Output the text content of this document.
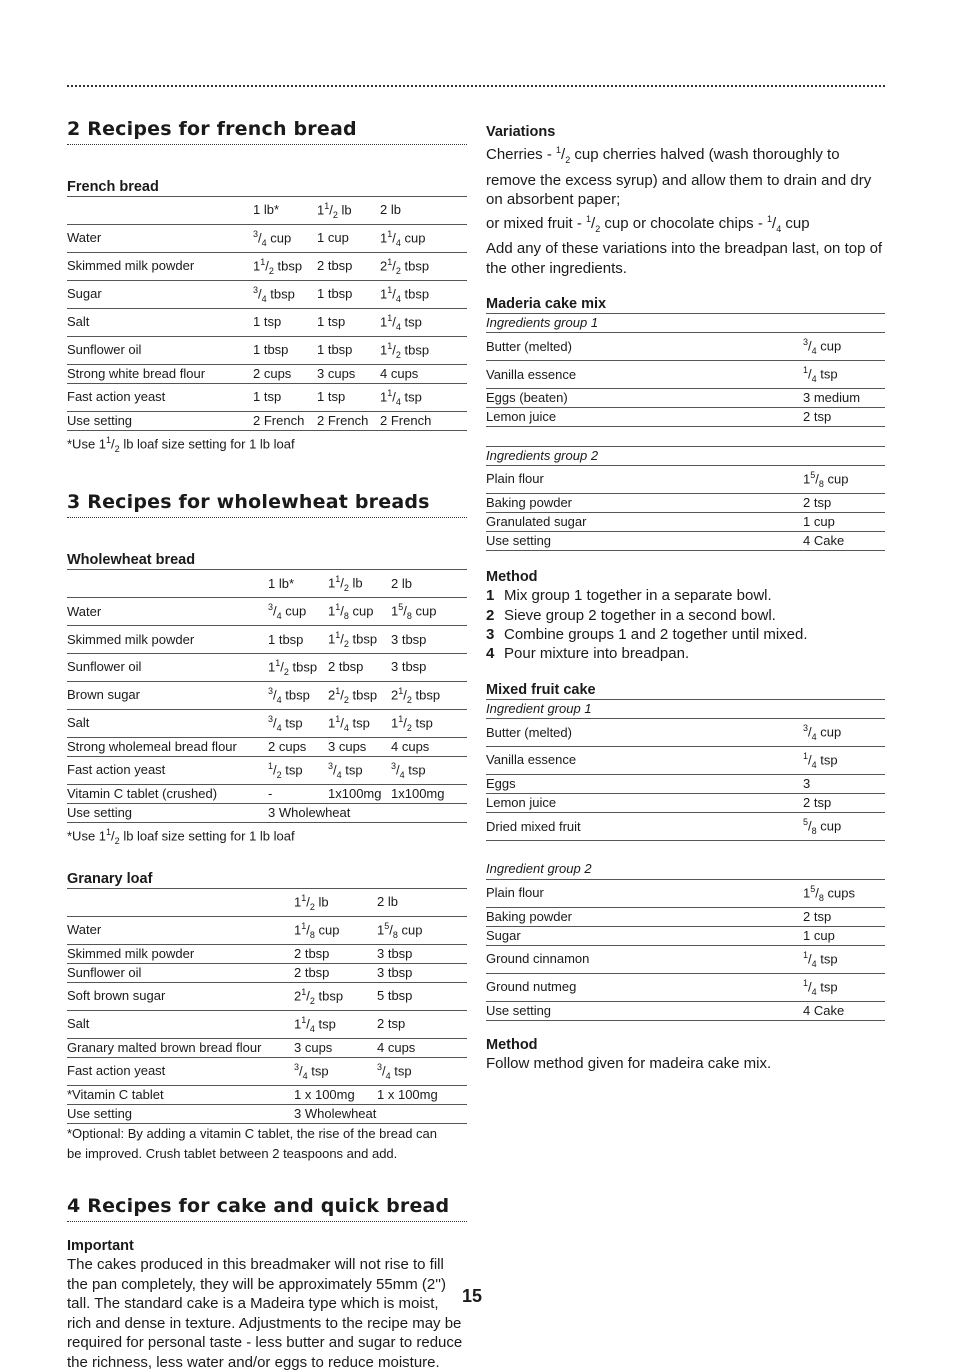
2 Recipes for french bread
French bread
	1 lb*	$1^1/_2$ lb	2 lb
Water	$^3/_4$ cup	1 cup	$1^1/_4$ cup
Skimmed milk powder	$1^1/_2$ tbsp	2 tbsp	$2^1/_2$ tbsp
Sugar	$^3/_4$ tbsp	1 tbsp	$1^1/_4$ tbsp
Salt	1 tsp	1 tsp	$1^1/_4$ tsp
Sunflower oil	1 tbsp	1 tbsp	$1^1/_2$ tbsp
Strong white bread flour	2 cups	3 cups	4 cups
Fast action yeast	1 tsp	1 tsp	$1^1/_4$ tsp
Use setting	2 French	2 French	2 French
*Use $1^1/_2$ lb loaf size setting for 1 lb loaf
3 Recipes for wholewheat breads
Wholewheat bread
	1 lb*	$1^1/_2$ lb	2 lb
Water	$^3/_4$ cup	$1^1/_8$ cup	$1^5/_8$ cup
Skimmed milk powder	1 tbsp	$1^1/_2$ tbsp	3 tbsp
Sunflower oil	$1^1/_2$ tbsp	2 tbsp	3 tbsp
Brown sugar	$^3/_4$ tbsp	$2^1/_2$ tbsp	$2^1/_2$ tbsp
Salt	$^3/_4$ tsp	$1^1/_4$ tsp	$1^1/_2$ tsp
Strong wholemeal bread flour	2 cups	3 cups	4 cups
Fast action yeast	$^1/_2$ tsp	$^3/_4$ tsp	$^3/_4$ tsp
Vitamin C tablet (crushed)	-	1x100mg	1x100mg
Use setting	3 Wholewheat		
*Use $1^1/_2$ lb loaf size setting for 1 lb loaf
Granary loaf
	$1^1/_2$ lb	2 lb
Water	$1^1/_8$ cup	$1^5/_8$ cup
Skimmed milk powder	2 tbsp	3 tbsp
Sunflower oil	2 tbsp	3 tbsp
Soft brown sugar	$2^1/_2$ tbsp	5 tbsp
Salt	$1^1/_4$ tsp	2 tsp
Granary malted brown bread flour	3 cups	4 cups
Fast action yeast	$^3/_4$ tsp	$^3/_4$ tsp
*Vitamin C tablet	1 x 100mg	1 x 100mg
Use setting	3 Wholewheat	
*Optional: By adding a vitamin C tablet, the rise of the bread can
be improved. Crush tablet between 2 teaspoons and add.
4 Recipes for cake and quick bread
Important

The cakes produced in this breadmaker will not rise to fill the pan completely, they will be approximately 55mm (2'') tall. The standard cake is a Madeira type which is moist, rich and dense in texture. Adjustments to the recipe may be required for personal taste - less butter and sugar to reduce the richness, less water and/or eggs to reduce moisture.

Variations

Cherries - $^1/_2$ cup cherries halved (wash thoroughly to remove the excess syrup) and allow them to drain and dry on absorbent paper;

or mixed fruit - $^1/_2$ cup or chocolate chips - $^1/_4$ cup

Add any of these variations into the breadpan last, on top of the other ingredients.

Maderia cake mix
Ingredients group 1	
Butter (melted)	$^3/_4$ cup
Vanilla essence	$^1/_4$ tsp
Eggs (beaten)	3 medium
Lemon juice	2 tsp

Ingredients group 2	
Plain flour	$1^5/_8$ cup
Baking powder	2 tsp
Granulated sugar	1 cup
Use setting	4 Cake
Method
1 Mix group 1 together in a separate bowl.
2 Sieve group 2 together in a second bowl.
3 Combine groups 1 and 2 together until mixed.
4 Pour mixture into breadpan.
Mixed fruit cake
Ingredient group 1	
Butter (melted)	$^3/_4$ cup
Vanilla essence	$^1/_4$ tsp
Eggs	3
Lemon juice	2 tsp
Dried mixed fruit	$^5/_8$ cup

Ingredient group 2	
Plain flour	$1^5/_8$ cups
Baking powder	2 tsp
Sugar	1 cup
Ground cinnamon	$^1/_4$ tsp
Ground nutmeg	$^1/_4$ tsp
Use setting	4 Cake
Method

Follow method given for madeira cake mix.

15
